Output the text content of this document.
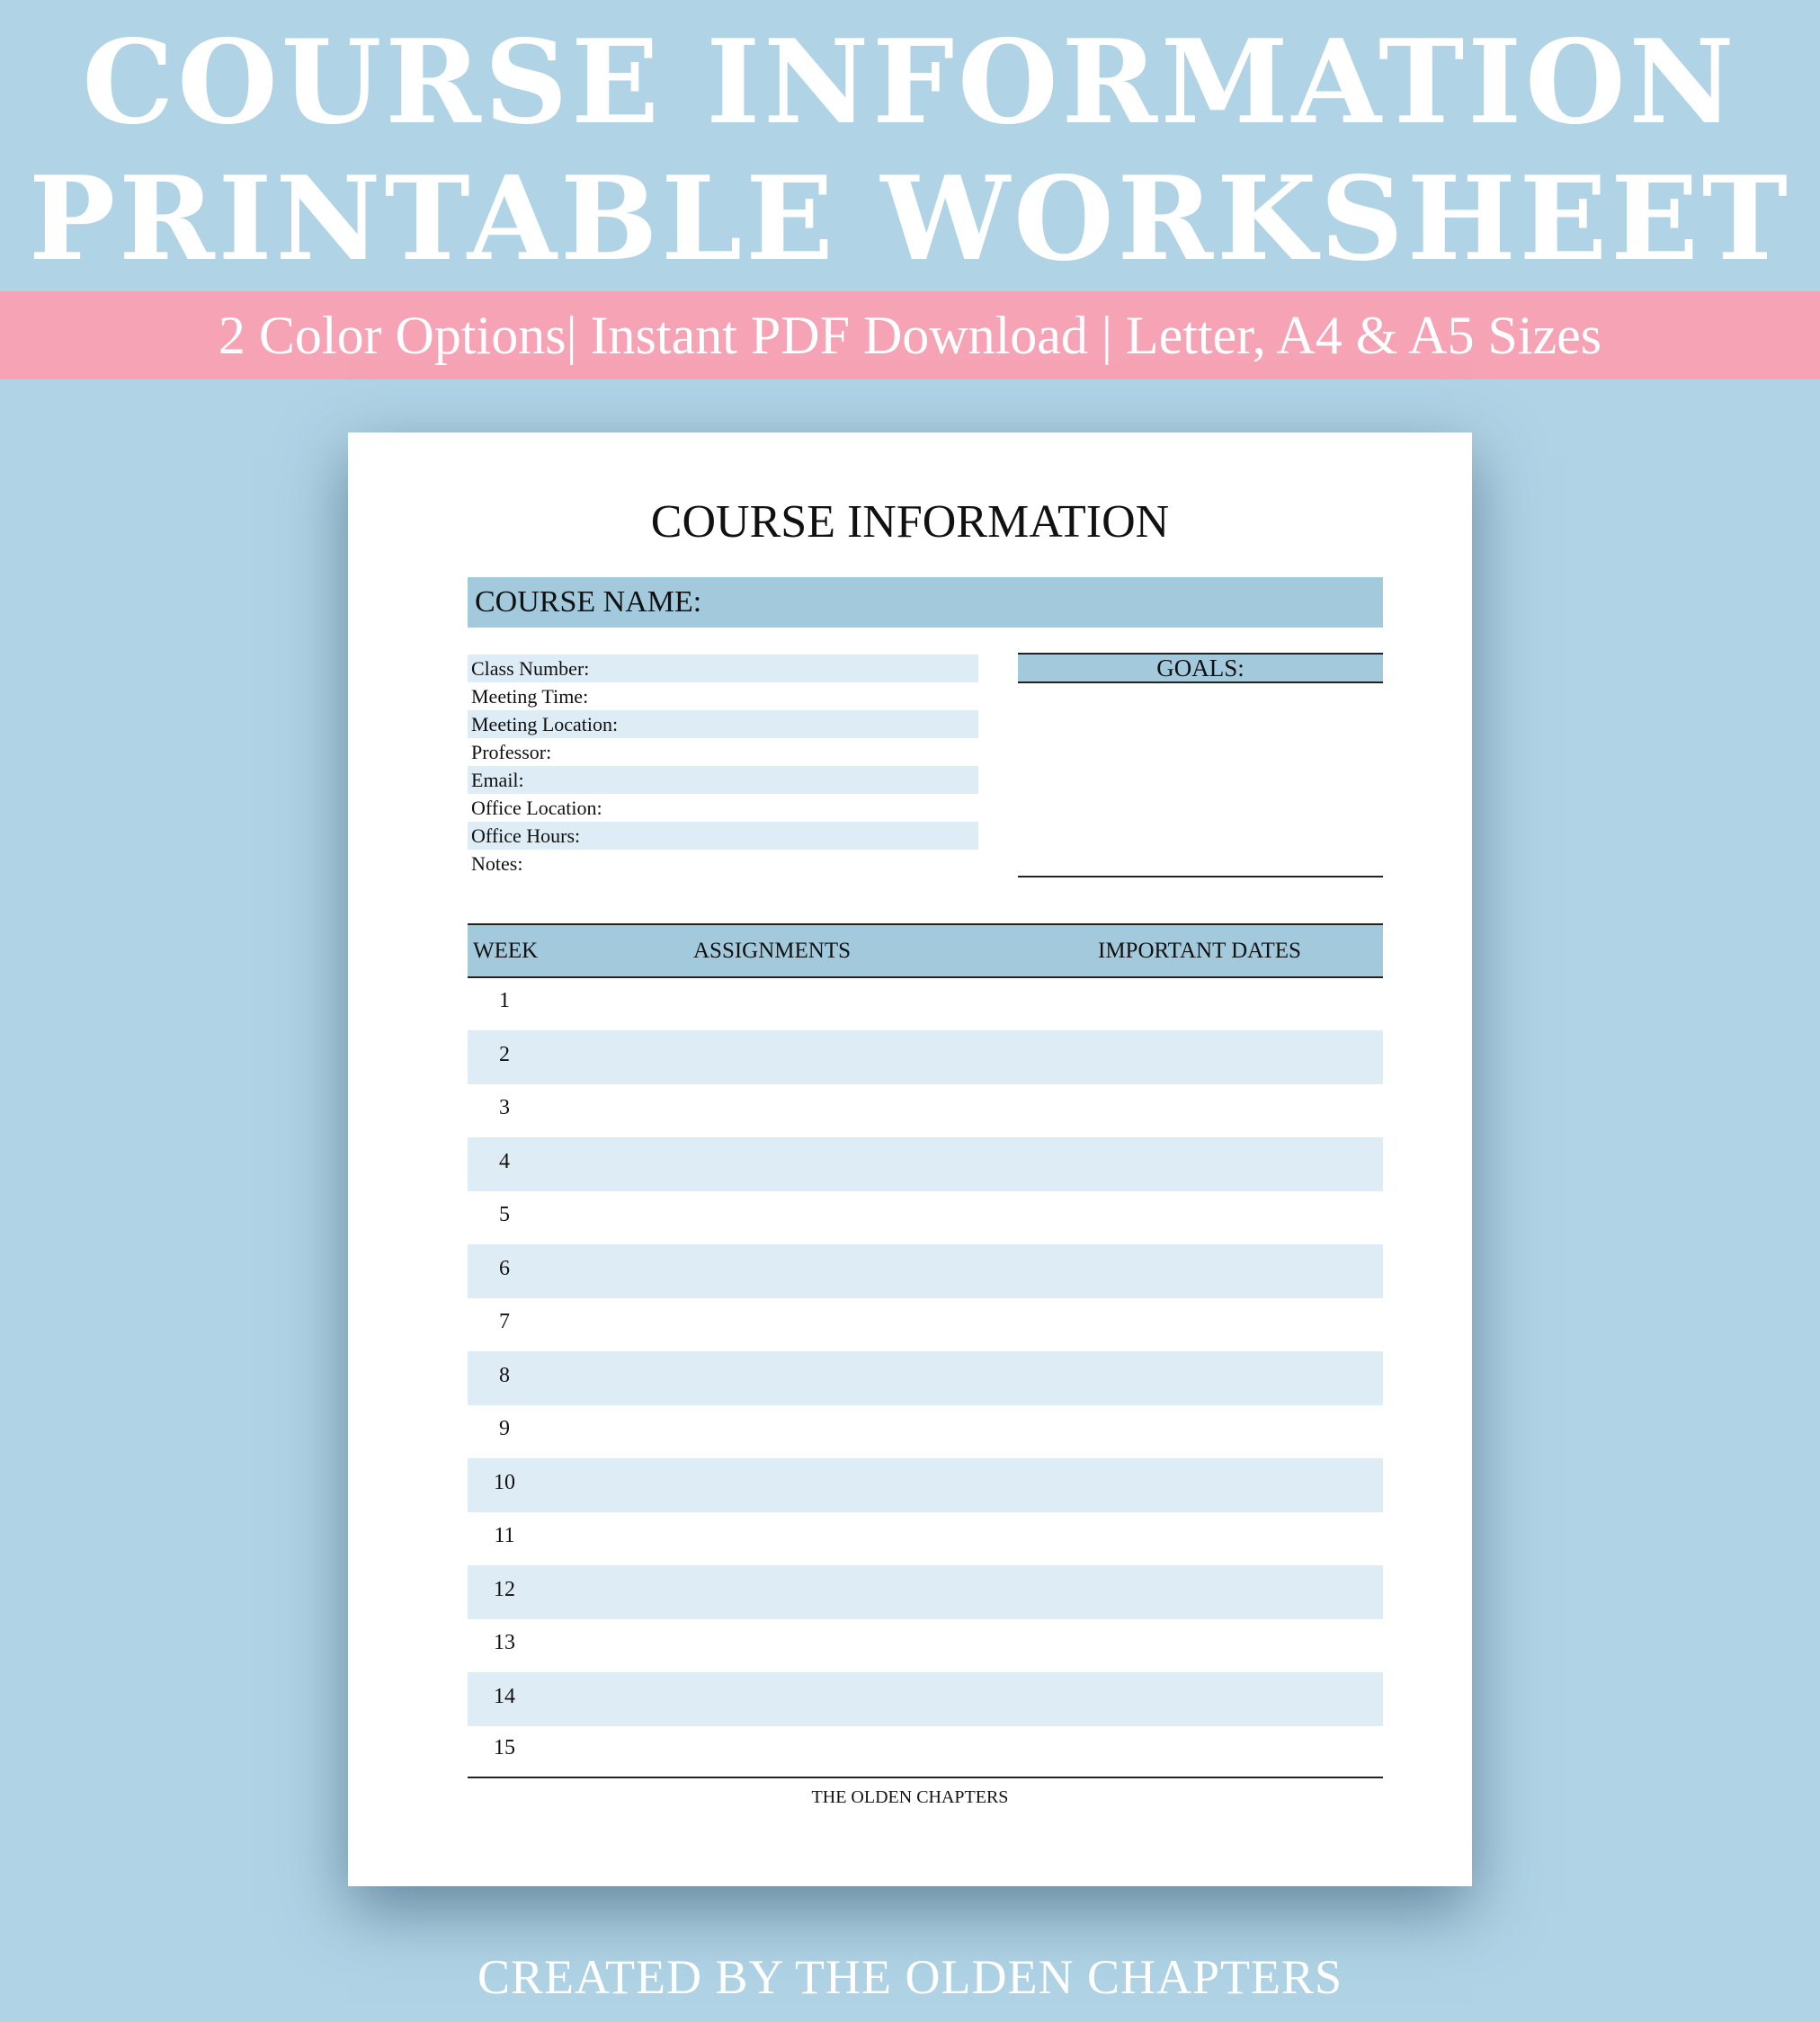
COURSE INFORMATION
PRINTABLE WORKSHEET
2 Color Options| Instant PDF Download | Letter, A4 & A5 Sizes
COURSE INFORMATION
COURSE NAME:
Class Number:
Meeting Time:
Meeting Location:
Professor:
Email:
Office Location:
Office Hours:
Notes:
GOALS:
WEEK	ASSIGNMENTS	IMPORTANT DATES
1
2
3
4
5
6
7
8
9
10
11
12
13
14
15
THE OLDEN CHAPTERS
CREATED BY THE OLDEN CHAPTERS
